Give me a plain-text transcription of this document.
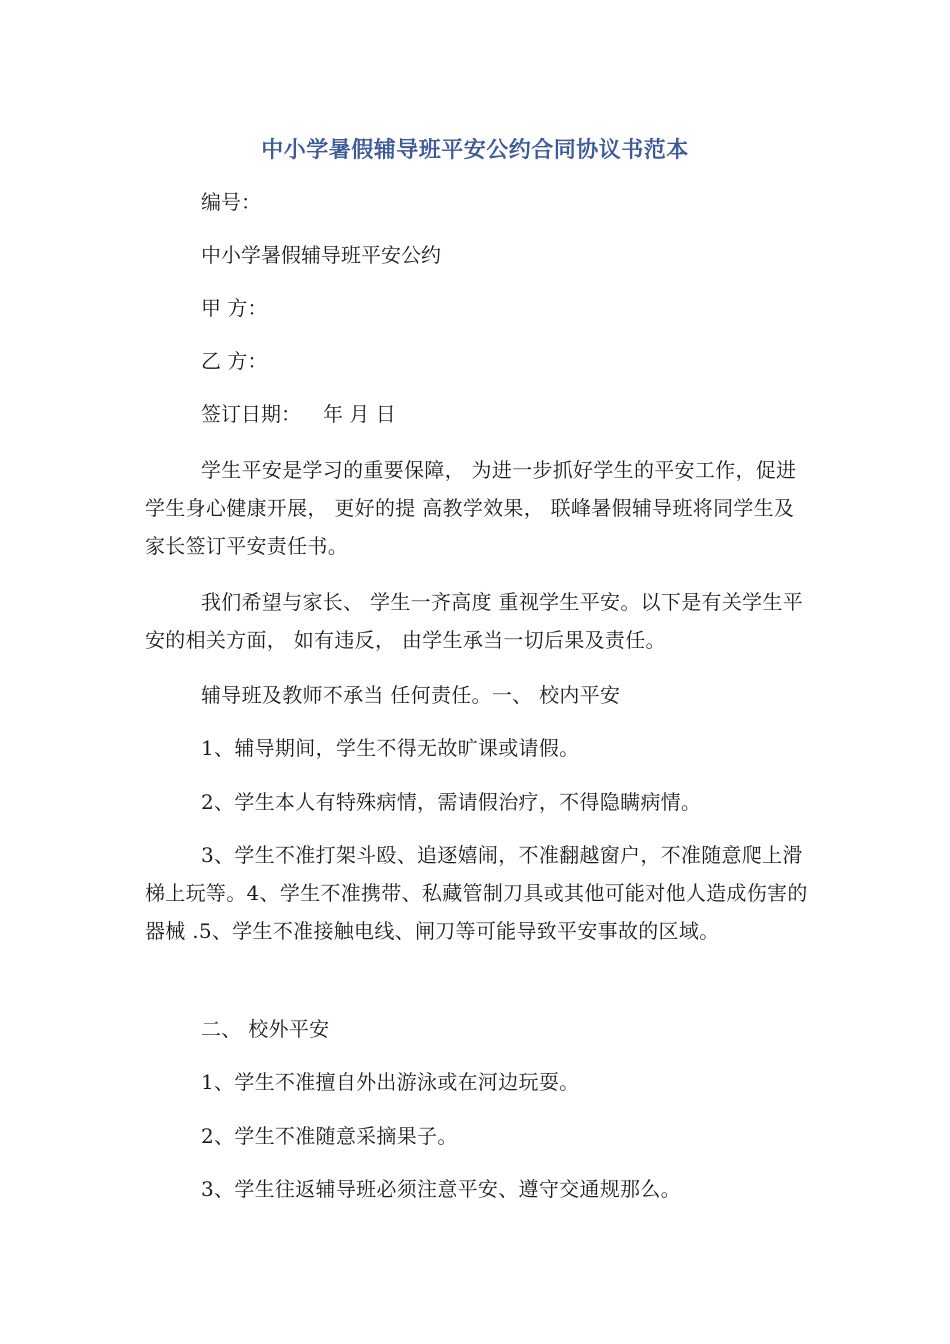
中小学暑假辅导班平安公约合同协议书范本
编号：
中小学暑假辅导班平安公约
甲 方：
乙 方：
签订日期： 年 月 日
学生平安是学习的重要保障， 为进一步抓好学生的平安工作，促进学生身心健康开展， 更好的提 高教学效果， 联峰暑假辅导班将同学生及家长签订平安责任书。
我们希望与家长、 学生一齐高度 重视学生平安。以下是有关学生平安的相关方面， 如有违反， 由学生承当一切后果及责任。
辅导班及教师不承当 任何责任。一、 校内平安
1、辅导期间，学生不得无故旷课或请假。
2、学生本人有特殊病情，需请假治疗，不得隐瞒病情。
3、学生不准打架斗殴、追逐嬉闹，不准翻越窗户，不准随意爬上滑梯上玩等。4、学生不准携带、私藏管制刀具或其他可能对他人造成伤害的器械 .5、学生不准接触电线、闸刀等可能导致平安事故的区域。
二、 校外平安
1、学生不准擅自外出游泳或在河边玩耍。
2、学生不准随意采摘果子。
3、学生往返辅导班必须注意平安、遵守交通规那么。
